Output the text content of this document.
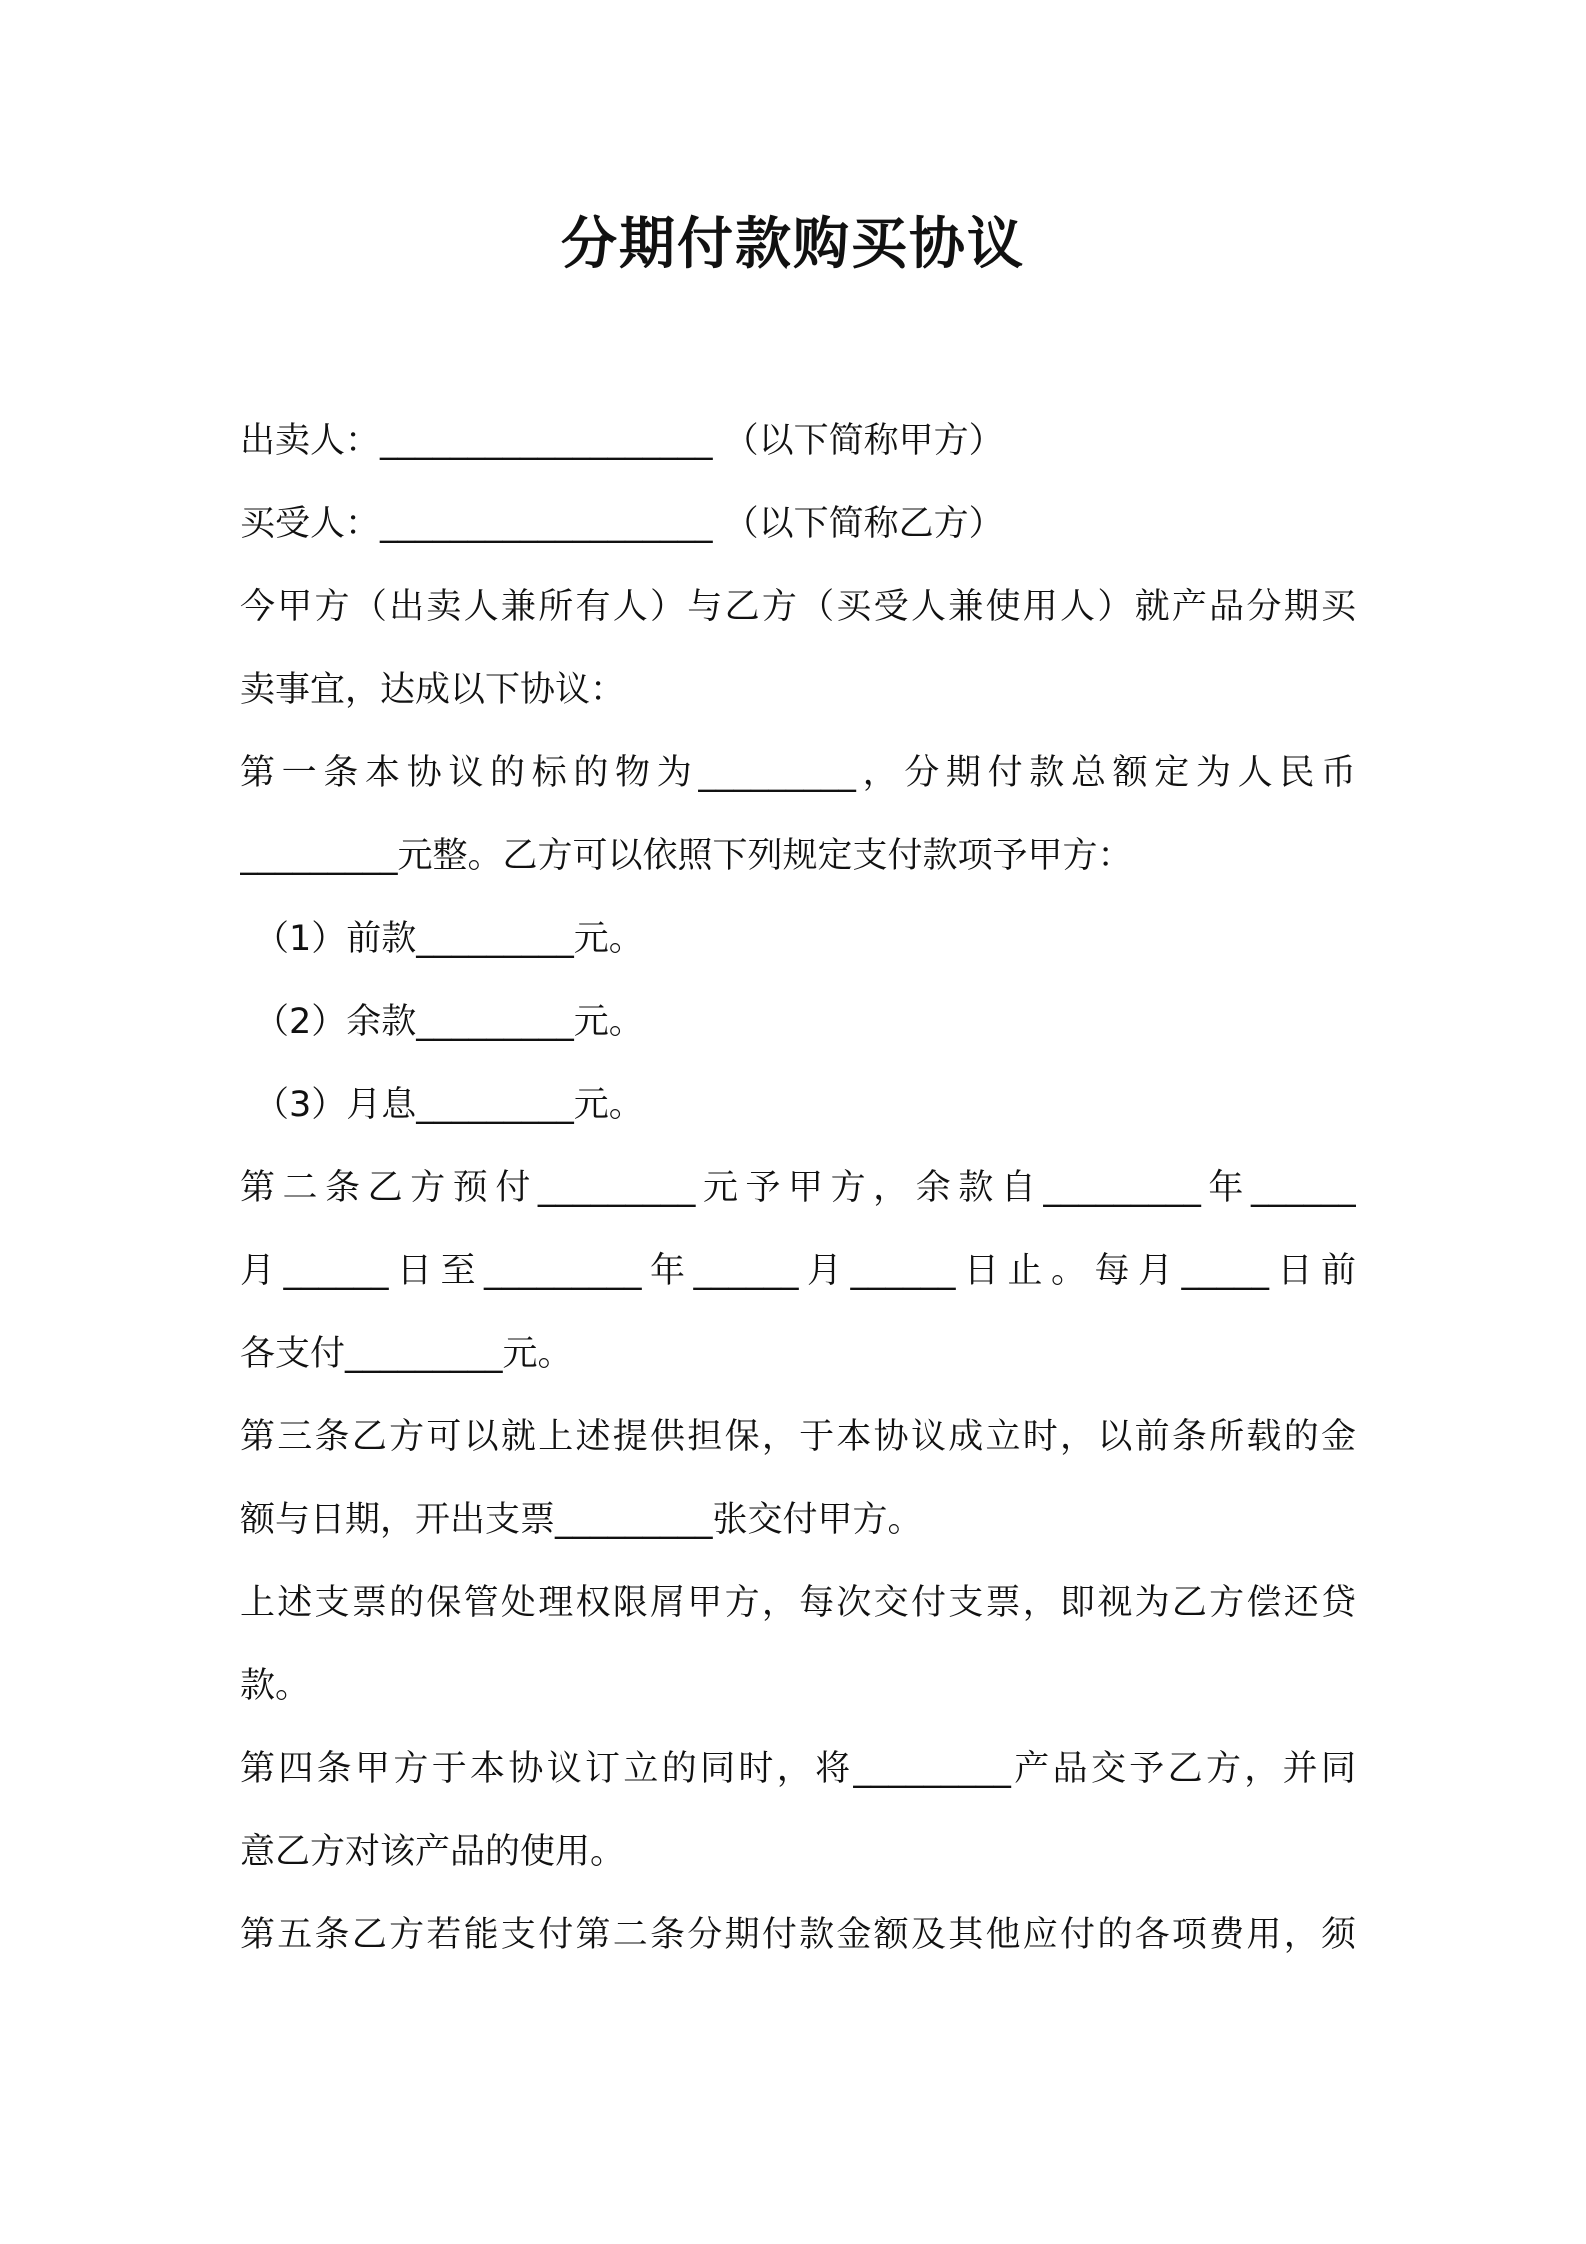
分期付款购买协议
出卖人：___________________ （以下简称甲方）
买受人：___________________ （以下简称乙方）
今甲方（出卖人兼所有人）与乙方（买受人兼使用人）就产品分期买
卖事宜，达成以下协议：
第一条本协议的标的物为_________，分期付款总额定为人民币
_________元整。乙方可以依照下列规定支付款项予甲方：
（1）前款_________元。
（2）余款_________元。
（3）月息_________元。
第二条乙方预付_________元予甲方，余款自_________年______
月______日至_________年______月______日止。每月_____日前
各支付_________元。
第三条乙方可以就上述提供担保，于本协议成立时，以前条所载的金
额与日期，开出支票_________张交付甲方。
上述支票的保管处理权限屑甲方，每次交付支票，即视为乙方偿还贷
款。
第四条甲方于本协议订立的同时，将_________产品交予乙方，并同
意乙方对该产品的使用。
第五条乙方若能支付第二条分期付款金额及其他应付的各项费用，须
